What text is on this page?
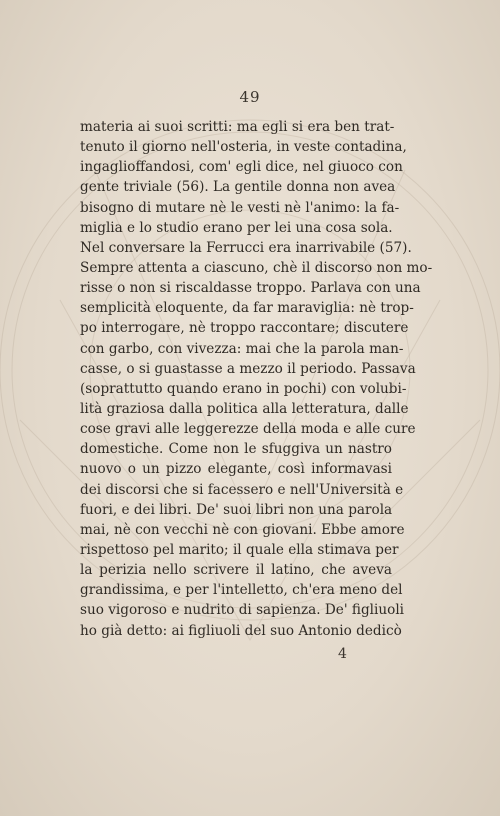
49
materia ai suoi scritti: ma egli si era ben trat-
tenuto il giorno nell'osteria, in veste contadina,
ingaglioffandosi, com' egli dice, nel giuoco con
gente triviale (56). La gentile donna non avea
bisogno di mutare nè le vesti nè l'animo: la fa-
miglia e lo studio erano per lei una cosa sola.
Nel conversare la Ferrucci era inarrivabile (57).
Sempre attenta a ciascuno, chè il discorso non mo-
risse o non si riscaldasse troppo. Parlava con una
semplicità eloquente, da far maraviglia: nè trop-
po interrogare, nè troppo raccontare; discutere
con garbo, con vivezza: mai che la parola man-
casse, o si guastasse a mezzo il periodo. Passava
(soprattutto quando erano in pochi) con volubi-
lità graziosa dalla politica alla letteratura, dalle
cose gravi alle leggerezze della moda e alle cure
domestiche. Come non le sfuggiva un nastro
nuovo o un pizzo elegante, così informavasi
dei discorsi che si facessero e nell'Università e
fuori, e dei libri. De' suoi libri non una parola
mai, nè con vecchi nè con giovani. Ebbe amore
rispettoso pel marito; il quale ella stimava per
la perizia nello scrivere il latino, che aveva
grandissima, e per l'intelletto, ch'era meno del
suo vigoroso e nudrito di sapienza. De' figliuoli
ho già detto: ai figliuoli del suo Antonio dedicò
4
